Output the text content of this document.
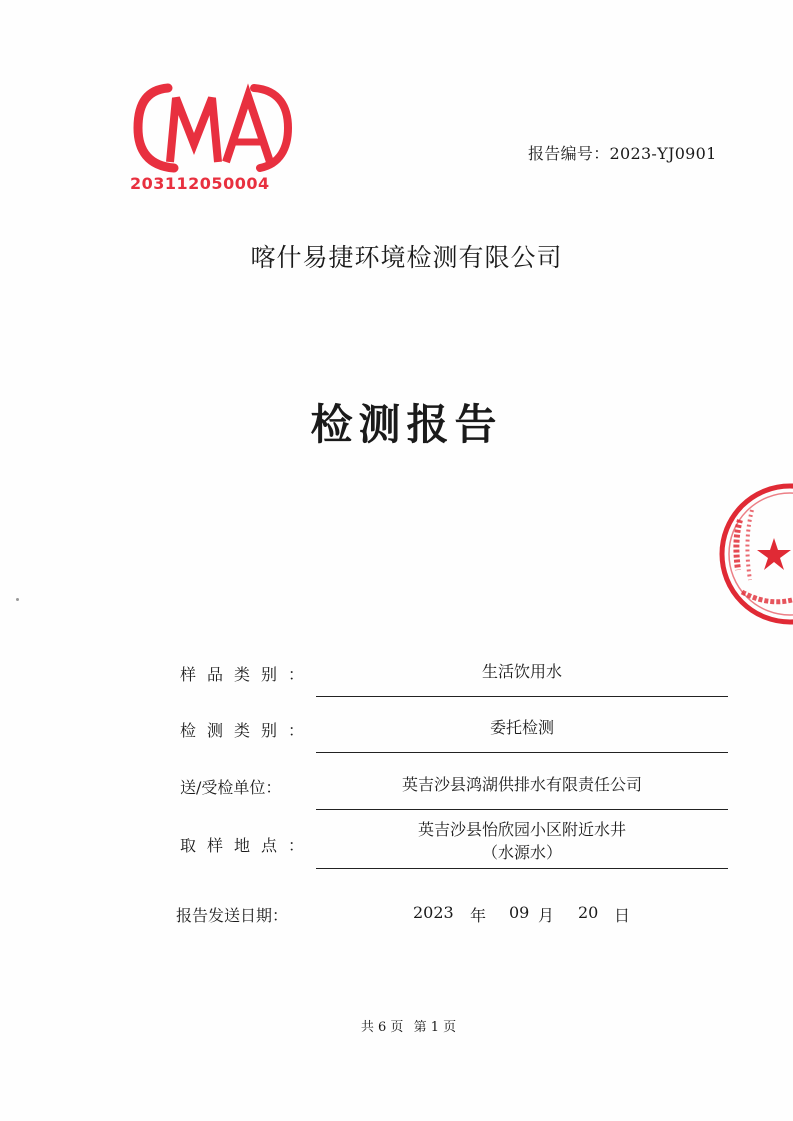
203112050004
报告编号：2023-YJ0901
喀什易捷环境检测有限公司
检测报告
样品类别：	生活饮用水
检测类别：	委托检测
送/受检单位：	英吉沙县鸿湖供排水有限责任公司
取样地点：
英吉沙县怡欣园小区附近水井
（水源水）
报告发送日期：	2023 年 09 月 20 日
共 6 页 第 1 页
